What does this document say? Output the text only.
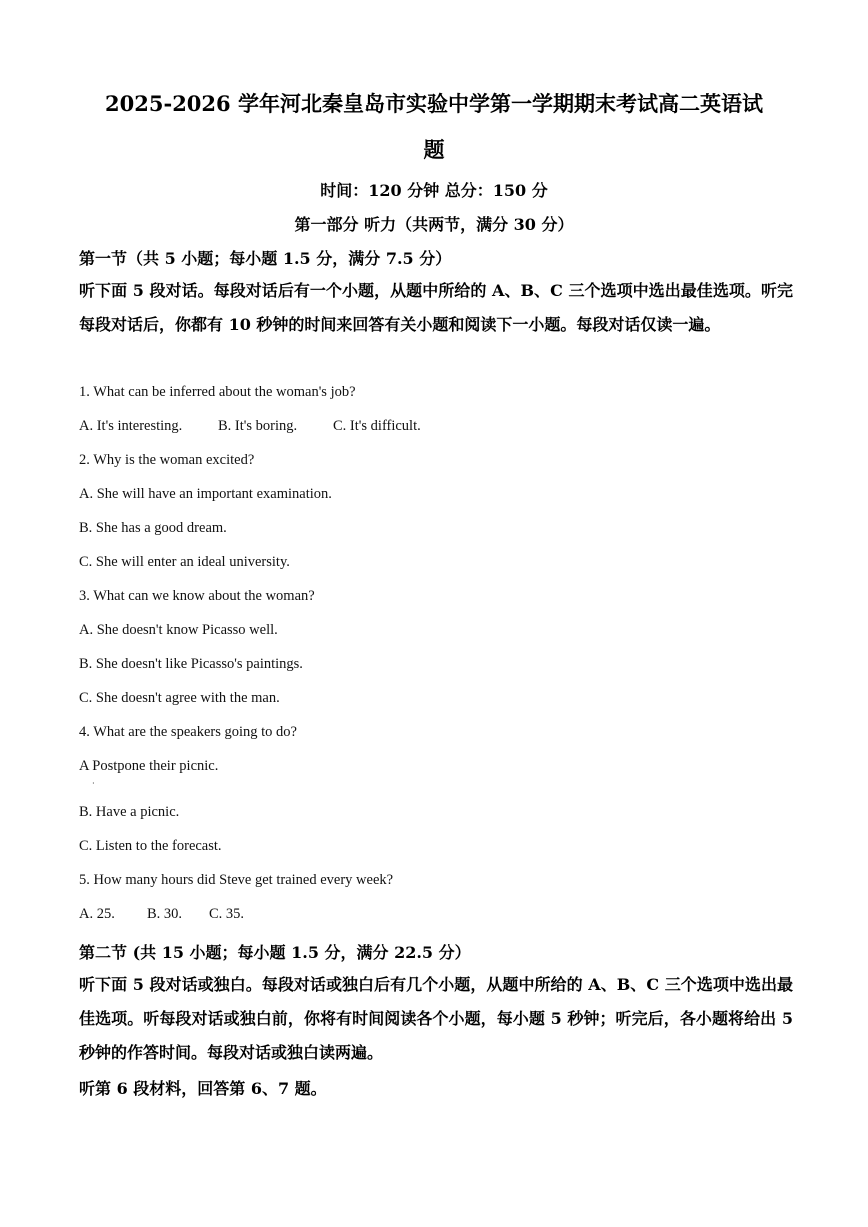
2025-2026 学年河北秦皇岛市实验中学第一学期期末考试高二英语试
题
时间：120 分钟 总分：150 分
第一部分 听力（共两节，满分 30 分）
第一节（共 5 小题；每小题 1.5 分，满分 7.5 分）
听下面 5 段对话。每段对话后有一个小题，从题中所给的 A、B、C 三个选项中选出最佳选项。听完每段对话后，你都有 10 秒钟的时间来回答有关小题和阅读下一小题。每段对话仅读一遍。
1. What can be inferred about the woman's job?
A. It's interesting. B. It's boring. C. It's difficult.
2. Why is the woman excited?
A. She will have an important examination.
B. She has a good dream.
C. She will enter an ideal university.
3. What can we know about the woman?
A. She doesn't know Picasso well.
B. She doesn't like Picasso's paintings.
C. She doesn't agree with the man.
4. What are the speakers going to do?
A Postpone their picnic.
·
B. Have a picnic.
C. Listen to the forecast.
5. How many hours did Steve get trained every week?
A. 25. B. 30. C. 35.
第二节 (共 15 小题；每小题 1.5 分，满分 22.5 分）
听下面 5 段对话或独白。每段对话或独白后有几个小题，从题中所给的 A、B、C 三个选项中选出最佳选项。听每段对话或独白前，你将有时间阅读各个小题，每小题 5 秒钟；听完后，各小题将给出 5 秒钟的作答时间。每段对话或独白读两遍。
听第 6 段材料，回答第 6、7 题。
